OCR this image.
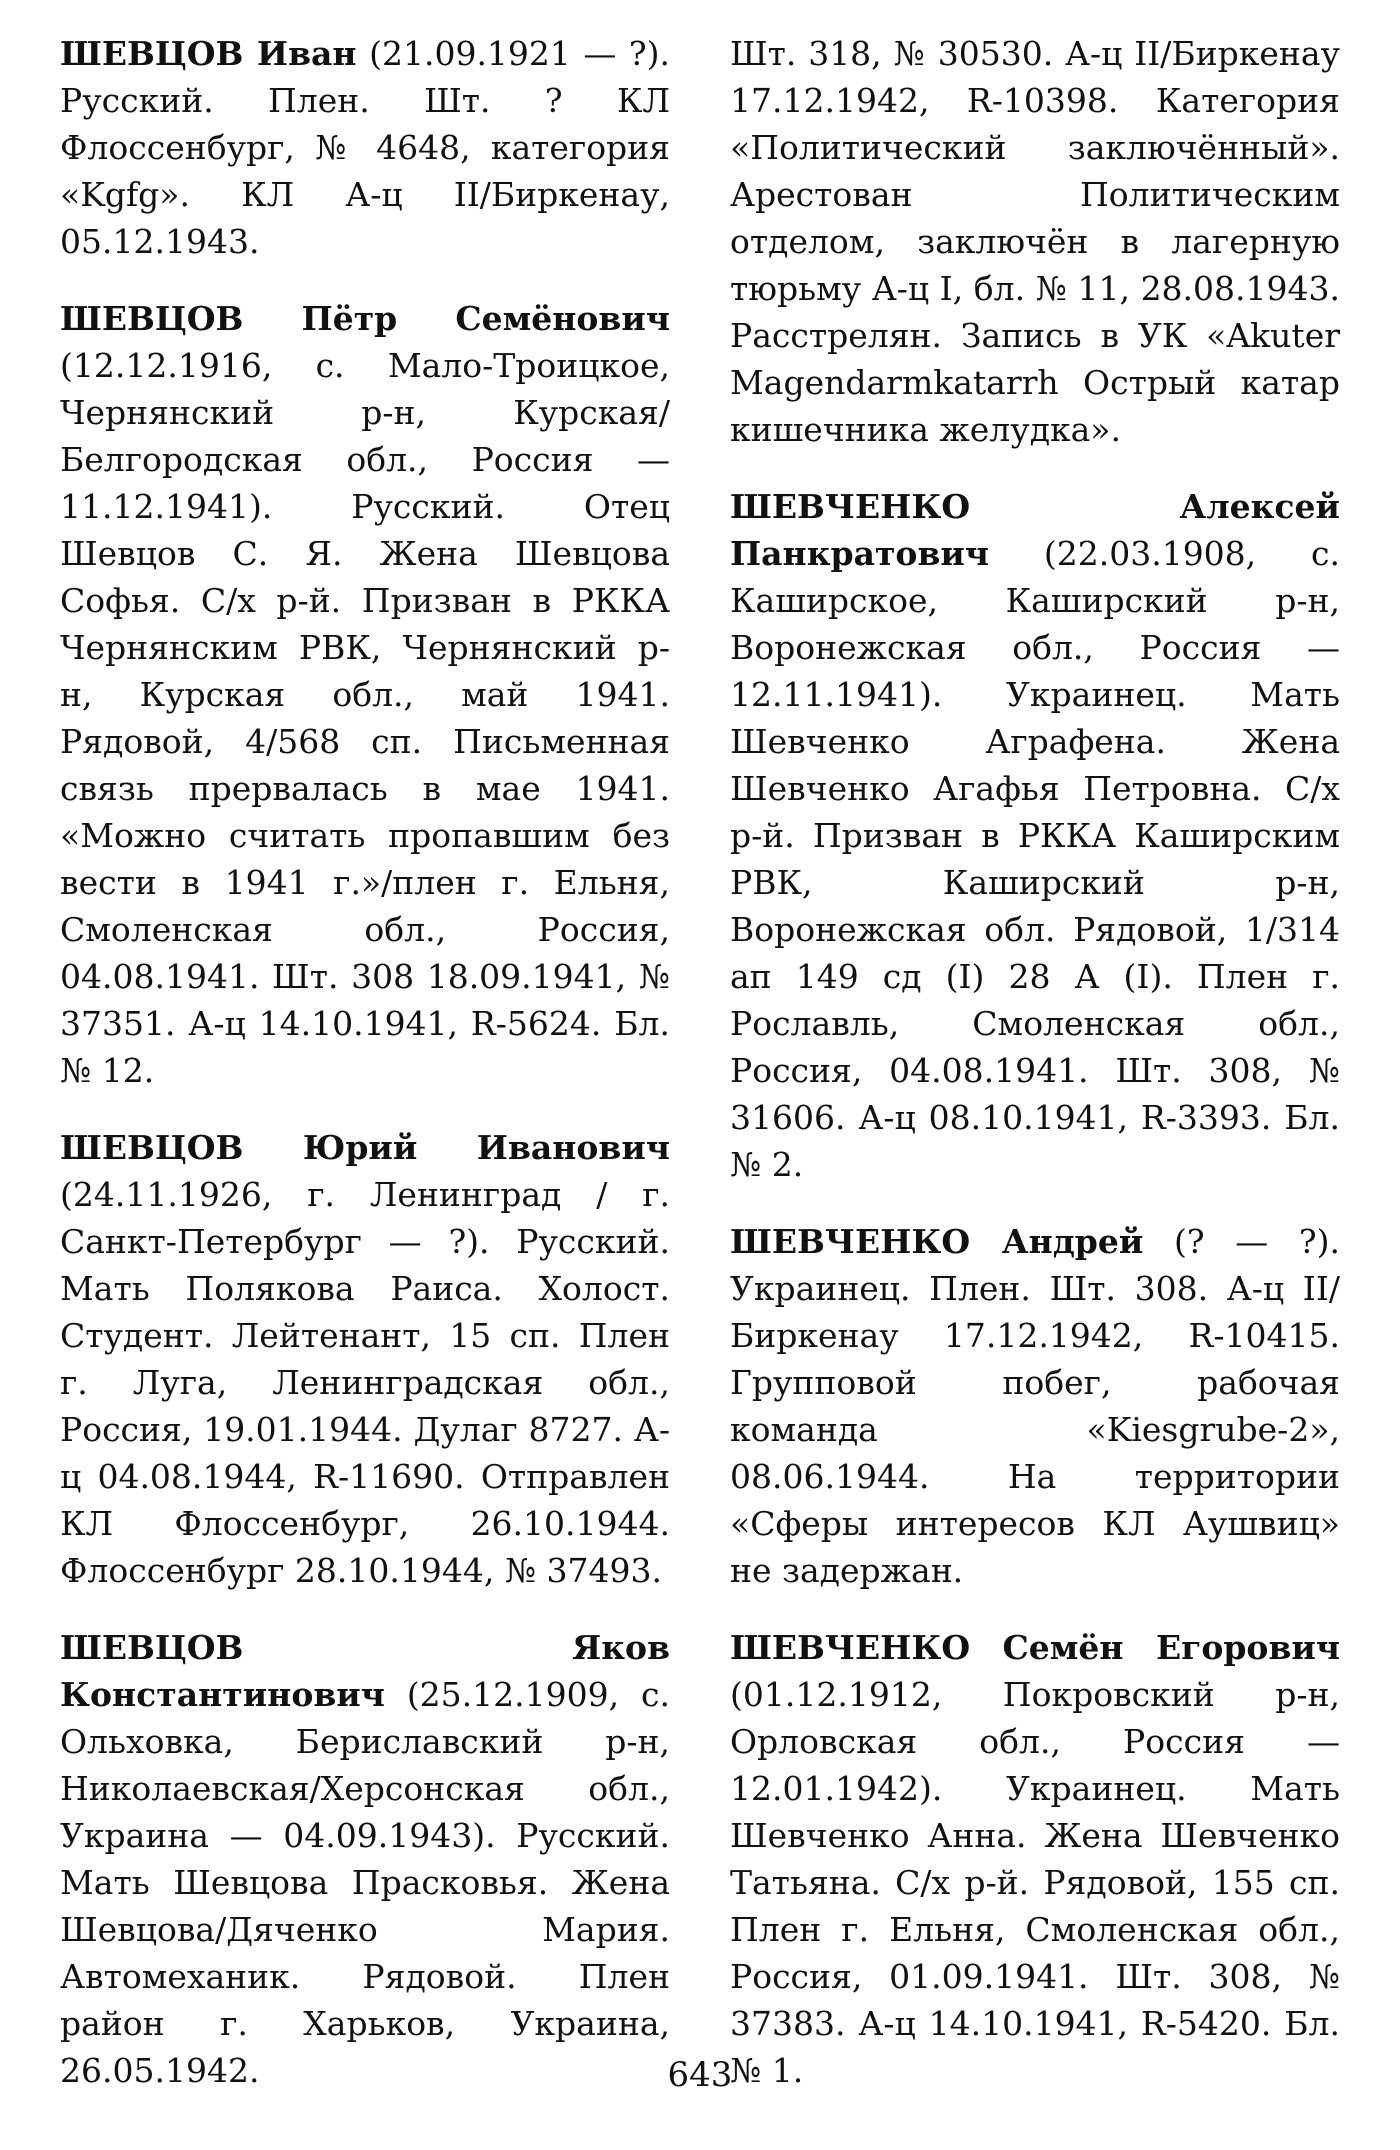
ШЕВЦОВ Иван (21.09.1921 — ?). Русский. Плен. Шт. ? КЛ Флоссенбург, № 4648, категория «Kgfg». КЛ А-ц II/Биркенау, 05.12.1943.

ШЕВЦОВ Пётр Семёнович (12.12.1916, с. Мало-Троицкое, Чернянский р-н, Курская/Белгородская обл., Россия — 11.12.1941). Русский. Отец Шевцов С. Я. Жена Шевцова Софья. С/х р-й. Призван в РККА Чернянским РВК, Чернянский р-н, Курская обл., май 1941. Рядовой, 4/568 сп. Письменная связь прервалась в мае 1941. «Можно считать пропавшим без вести в 1941 г.»/плен г. Ельня, Смоленская обл., Россия, 04.08.1941. Шт. 308 18.09.1941, № 37351. А-ц 14.10.1941, R-5624. Бл. № 12.

ШЕВЦОВ Юрий Иванович (24.11.1926, г. Ленинград / г. Санкт-Петербург — ?). Русский. Мать Полякова Раиса. Холост. Студент. Лейтенант, 15 сп. Плен г. Луга, Ленинградская обл., Россия, 19.01.1944. Дулаг 8727. А-ц 04.08.1944, R-11690. Отправлен КЛ Флоссенбург, 26.10.1944. Флоссенбург 28.10.1944, № 37493.

ШЕВЦОВ Яков Константинович (25.12.1909, с. Ольховка, Бериславский р-н, Николаевская/Херсонская обл., Украина — 04.09.1943). Русский. Мать Шевцова Прасковья. Жена Шевцова/Дяченко Мария. Автомеханик. Рядовой. Плен район г. Харьков, Украина, 26.05.1942.

Шт. 318, № 30530. А-ц II/Биркенау 17.12.1942, R-10398. Категория «Политический заключённый». Арестован Политическим отделом, заключён в лагерную тюрьму А-ц I, бл. № 11, 28.08.1943. Расстрелян. Запись в УК «Akuter Magendarmkatarrh Острый катар кишечника желудка».

ШЕВЧЕНКО Алексей Панкратович (22.03.1908, с. Каширское, Каширский р-н, Воронежская обл., Россия — 12.11.1941). Украинец. Мать Шевченко Аграфена. Жена Шевченко Агафья Петровна. С/х р-й. Призван в РККА Каширским РВК, Каширский р-н, Воронежская обл. Рядовой, 1/314 ап 149 сд (I) 28 А (I). Плен г. Рославль, Смоленская обл., Россия, 04.08.1941. Шт. 308, № 31606. А-ц 08.10.1941, R-3393. Бл. № 2.

ШЕВЧЕНКО Андрей (? — ?). Украинец. Плен. Шт. 308. А-ц II/Биркенау 17.12.1942, R-10415. Групповой побег, рабочая команда «Kiesgrube-2», 08.06.1944. На территории «Сферы интересов КЛ Аушвиц» не задержан.

ШЕВЧЕНКО Семён Егорович (01.12.1912, Покровский р-н, Орловская обл., Россия — 12.01.1942). Украинец. Мать Шевченко Анна. Жена Шевченко Татьяна. С/х р-й. Рядовой, 155 сп. Плен г. Ельня, Смоленская обл., Россия, 01.09.1941. Шт. 308, № 37383. А-ц 14.10.1941, R-5420. Бл. № 1.

643
